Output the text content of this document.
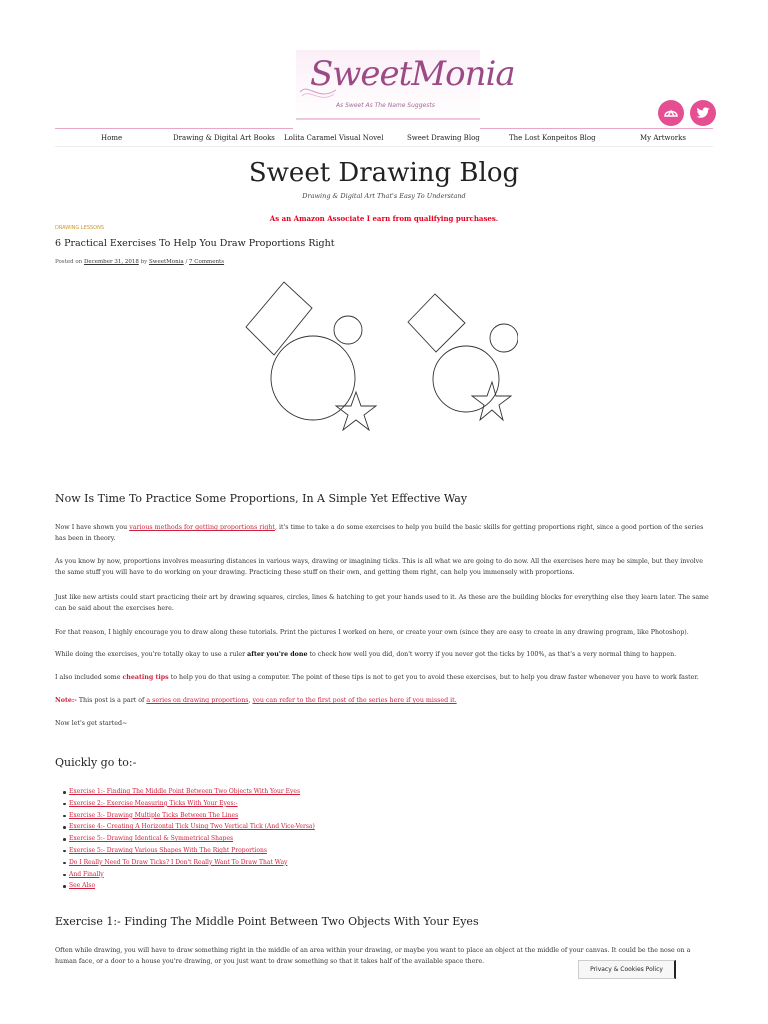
SweetMonia
As Sweet As The Name Suggests
Home	Drawing & Digital Art Books Lolita Caramel Visual Novel	Sweet Drawing Blog	The Lost Konpeitos Blog	My Artworks
Sweet Drawing Blog
Drawing & Digital Art That's Easy To Understand
As an Amazon Associate I earn from qualifying purchases.
DRAWING LESSONS
6 Practical Exercises To Help You Draw Proportions Right
Posted on December 31, 2018 by SweetMonia / 7 Comments
Now Is Time To Practice Some Proportions, In A Simple Yet Effective Way

Now I have shown you various methods for getting proportions right, it's time to take a do some exercises to help you build the basic skills for getting proportions right, since a good portion of the series has been in theory.

As you know by now, proportions involves measuring distances in various ways, drawing or imagining ticks. This is all what we are going to do now. All the exercises here may be simple, but they involve the same stuff you will have to do working on your drawing. Practicing these stuff on their own, and getting them right, can help you immensely with proportions.

Just like new artists could start practicing their art by drawing squares, circles, lines & hatching to get your hands used to it. As these are the building blocks for everything else they learn later. The same can be said about the exercises here.

For that reason, I highly encourage you to draw along these tutorials. Print the pictures I worked on here, or create your own (since they are easy to create in any drawing program, like Photoshop).

While doing the exercises, you're totally okay to use a ruler after you're done to check how well you did, don't worry if you never got the ticks by 100%, as that's a very normal thing to happen.

I also included some cheating tips to help you do that using a computer. The point of these tips is not to get you to avoid these exercises, but to help you draw faster whenever you have to work faster.

Note:- This post is a part of a series on drawing proportions, you can refer to the first post of the series here if you missed it.

Now let's get started~

Quickly go to:-
Exercise 1:- Finding The Middle Point Between Two Objects With Your Eyes
Exercise 2:- Exercise Measuring Ticks With Your Eyes:-
Exercise 3:- Drawing Multiple Ticks Between The Lines
Exercise 4:- Creating A Horizontal Tick Using Two Vertical Tick (And Vice-Versa)
Exercise 5:- Drawing Identical & Symmetrical Shapes
Exercise 5:- Drawing Various Shapes With The Right Proportions
Do I Really Need To Draw Ticks? I Don't Really Want To Draw That Way
And Finally
See Also
Exercise 1:- Finding The Middle Point Between Two Objects With Your Eyes

Often while drawing, you will have to draw something right in the middle of an area within your drawing, or maybe you want to place an object at the middle of your canvas. It could be the nose on a human face, or a door to a house you're drawing, or you just want to draw something so that it takes half of the available space there.

Privacy & Cookies Policy
